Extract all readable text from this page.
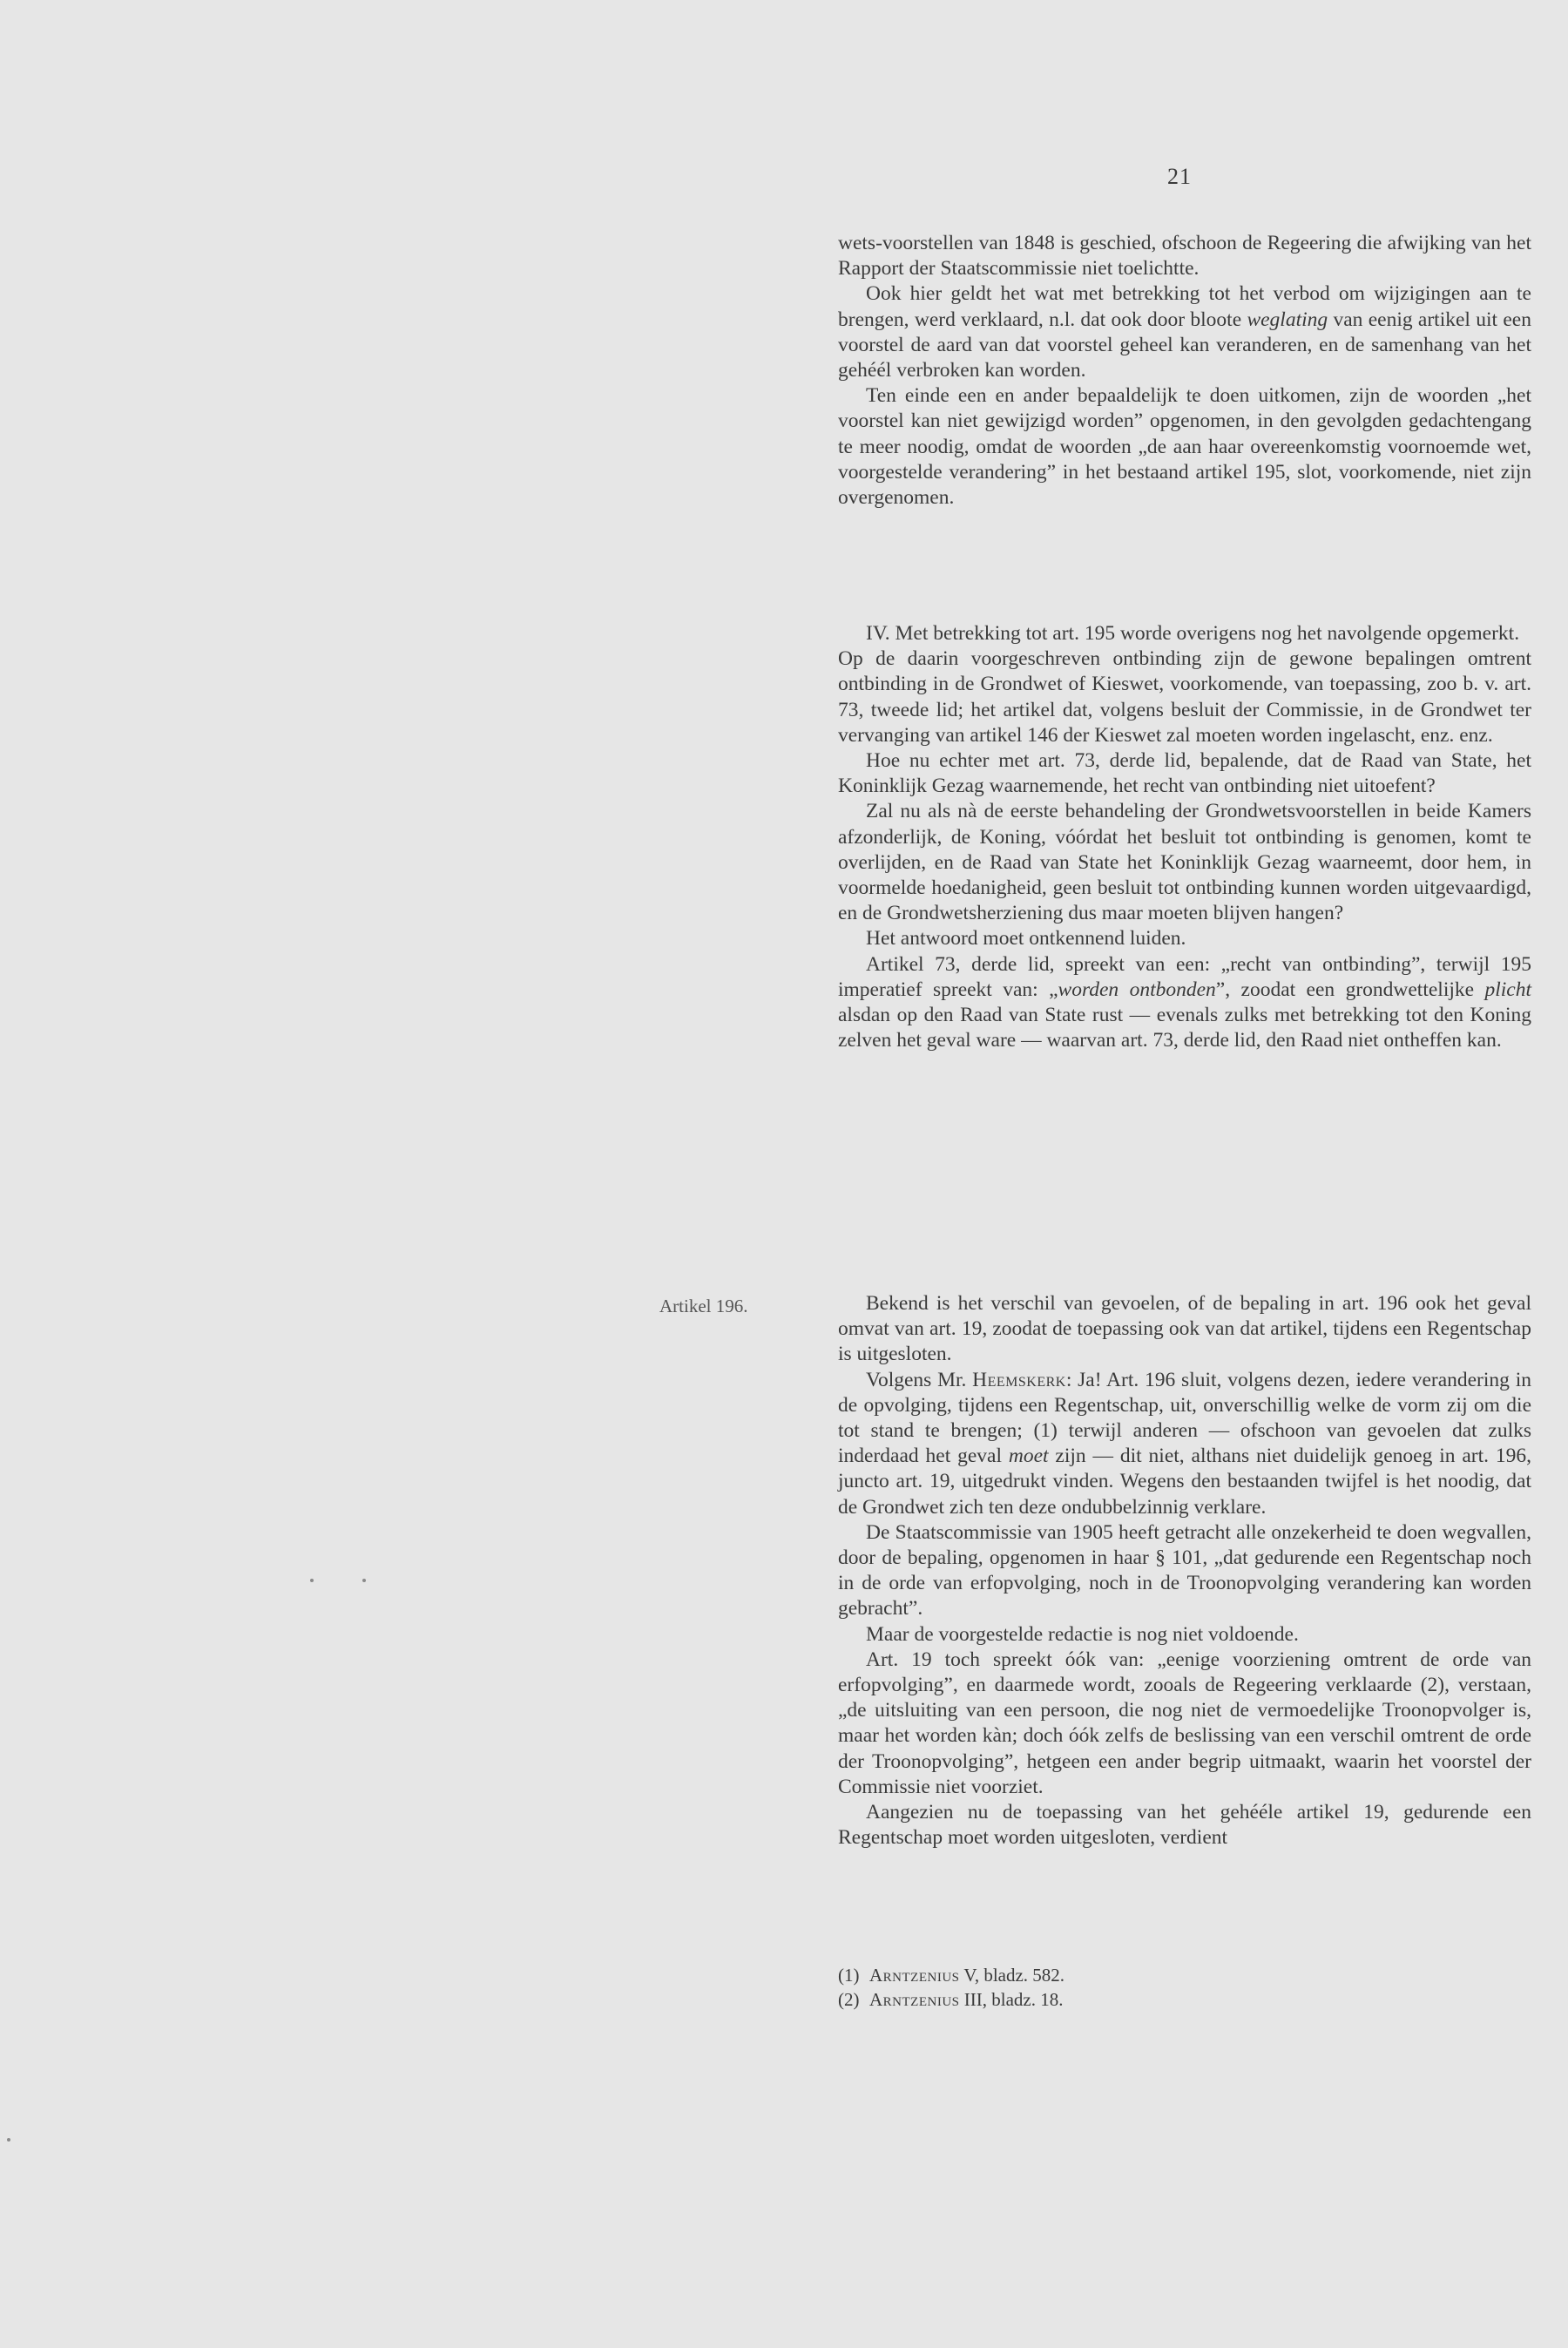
21

wets-voorstellen van 1848 is geschied, ofschoon de Regeering die afwijking van het Rapport der Staatscommissie niet toelichtte.

Ook hier geldt het wat met betrekking tot het verbod om wijzigingen aan te brengen, werd verklaard, n.l. dat ook door bloote weglating van eenig artikel uit een voorstel de aard van dat voorstel geheel kan veranderen, en de samenhang van het gehéél verbroken kan worden.

Ten einde een en ander bepaaldelijk te doen uitkomen, zijn de woorden „het voorstel kan niet gewijzigd worden” opgenomen, in den gevolgden gedachtengang te meer noodig, omdat de woorden „de aan haar overeenkomstig voornoemde wet, voorgestelde verandering” in het bestaand artikel 195, slot, voorkomende, niet zijn overgenomen.

IV. Met betrekking tot art. 195 worde overigens nog het navolgende opgemerkt.

Op de daarin voorgeschreven ontbinding zijn de gewone bepalingen omtrent ontbinding in de Grondwet of Kieswet, voorkomende, van toepassing, zoo b. v. art. 73, tweede lid; het artikel dat, volgens besluit der Commissie, in de Grondwet ter vervanging van artikel 146 der Kieswet zal moeten worden ingelascht, enz. enz.

Hoe nu echter met art. 73, derde lid, bepalende, dat de Raad van State, het Koninklijk Gezag waarnemende, het recht van ontbinding niet uitoefent?

Zal nu als nà de eerste behandeling der Grondwetsvoorstellen in beide Kamers afzonderlijk, de Koning, vóórdat het besluit tot ontbinding is genomen, komt te overlijden, en de Raad van State het Koninklijk Gezag waarneemt, door hem, in voormelde hoedanigheid, geen besluit tot ontbinding kunnen worden uitgevaardigd, en de Grondwetsherziening dus maar moeten blijven hangen?

Het antwoord moet ontkennend luiden.

Artikel 73, derde lid, spreekt van een: „recht van ontbinding”, terwijl 195 imperatief spreekt van: „worden ontbonden”, zoodat een grondwettelijke plicht alsdan op den Raad van State rust — evenals zulks met betrekking tot den Koning zelven het geval ware — waarvan art. 73, derde lid, den Raad niet ontheffen kan.

Artikel 196.	Bekend is het verschil van gevoelen, of de bepaling in art. 196 ook het geval omvat van art. 19, zoodat de toepassing ook van dat artikel, tijdens een Regentschap is uitgesloten.

Volgens Mr. Heemskerk: Ja! Art. 196 sluit, volgens dezen, iedere verandering in de opvolging, tijdens een Regentschap, uit, onverschillig welke de vorm zij om die tot stand te brengen; (1) terwijl anderen — ofschoon van gevoelen dat zulks inderdaad het geval moet zijn — dit niet, althans niet duidelijk genoeg in art. 196, juncto art. 19, uitgedrukt vinden. Wegens den bestaanden twijfel is het noodig, dat de Grondwet zich ten deze ondubbelzinnig verklare.

De Staatscommissie van 1905 heeft getracht alle onzekerheid te doen wegvallen, door de bepaling, opgenomen in haar § 101, „dat gedurende een Regentschap noch in de orde van erfopvolging, noch in de Troonopvolging verandering kan worden gebracht”.

Maar de voorgestelde redactie is nog niet voldoende.

Art. 19 toch spreekt óók van: „eenige voorziening omtrent de orde van erfopvolging”, en daarmede wordt, zooals de Regeering verklaarde (2), verstaan, „de uitsluiting van een persoon, die nog niet de vermoedelijke Troonopvolger is, maar het worden kàn; doch óók zelfs de beslissing van een verschil omtrent de orde der Troonopvolging”, hetgeen een ander begrip uitmaakt, waarin het voorstel der Commissie niet voorziet.

Aangezien nu de toepassing van het gehééle artikel 19, gedurende een Regentschap moet worden uitgesloten, verdient

(1) Arntzenius V, bladz. 582.
(2) Arntzenius III, bladz. 18.
